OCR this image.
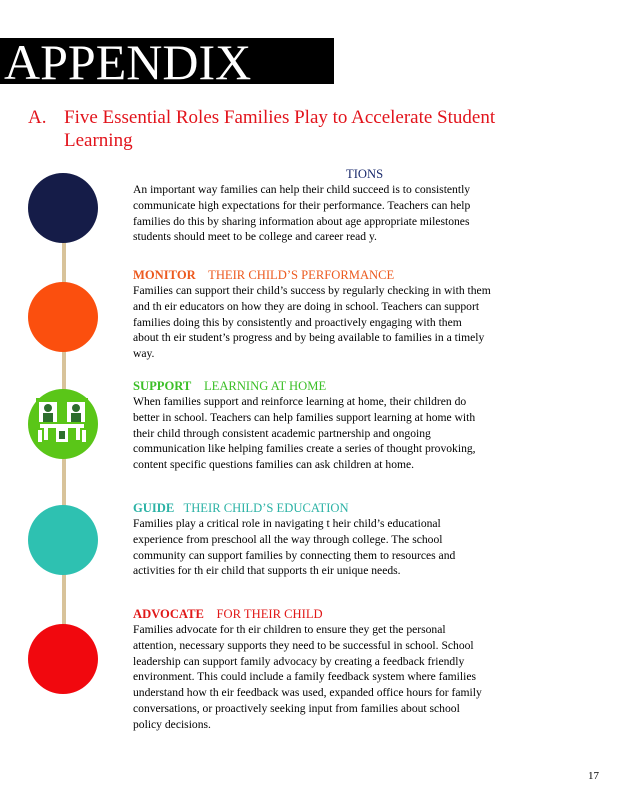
APPENDIX
A. Five Essential Roles Families Play to Accelerate Student Learning
TIONS
An important way families can help their child succeed is to consistently
communicate high expectations for their performance. Teachers can help
families do this by sharing information about age appropriate milestones
students should meet to be college and career read y.
MONITOR THEIR CHILD’S PERFORMANCE
Families can support their child’s success by regularly checking in with them
and th eir educators on how they are doing in school. Teachers can support
families doing this by consistently and proactively engaging with them
about th eir student’s progress and by being available to families in a timely
way.
SUPPORT LEARNING AT HOME
When families support and reinforce learning at home, their children do
better in school. Teachers can help families support learning at home with
their child through consistent academic partnership and ongoing
communication like helping families create a series of thought provoking,
content specific questions families can ask children at home.
GUIDE THEIR CHILD’S EDUCATION
Families play a critical role in navigating t heir child’s educational
experience from preschool all the way through college. The school
community can support families by connecting them to resources and
activities for th eir child that supports th eir unique needs.
ADVOCATE FOR THEIR CHILD
Families advocate for th eir children to ensure they get the personal
attention, necessary supports they need to be successful in school. School
leadership can support family advocacy by creating a feedback friendly
environment. This could include a family feedback system where families
understand how th eir feedback was used, expanded office hours for family
conversations, or proactively seeking input from families about school
policy decisions.
17
